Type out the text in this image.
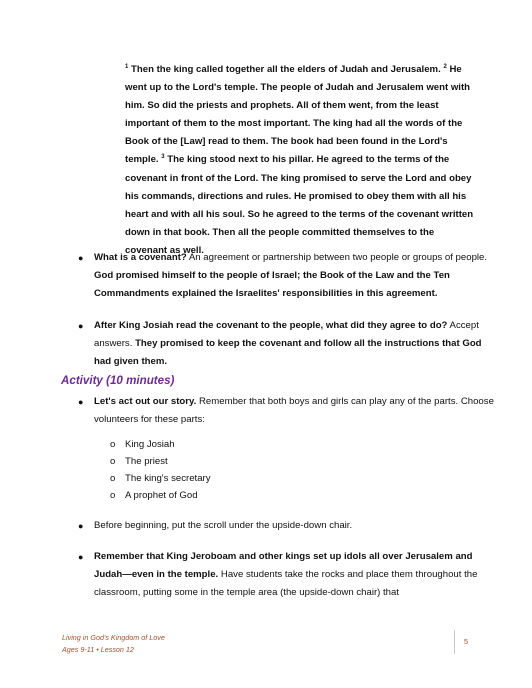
$^1$ Then the king called together all the elders of Judah and Jerusalem. $^2$ He went up to the Lord's temple. The people of Judah and Jerusalem went with him. So did the priests and prophets. All of them went, from the least important of them to the most important. The king had all the words of the Book of the [Law] read to them. The book had been found in the Lord's temple. $^3$ The king stood next to his pillar. He agreed to the terms of the covenant in front of the Lord. The king promised to serve the Lord and obey his commands, directions and rules. He promised to obey them with all his heart and with all his soul. So he agreed to the terms of the covenant written down in that book. Then all the people committed themselves to the covenant as well.
● What is a covenant? An agreement or partnership between two people or groups of people. God promised himself to the people of Israel; the Book of the Law and the Ten Commandments explained the Israelites' responsibilities in this agreement.
● After King Josiah read the covenant to the people, what did they agree to do? Accept answers. They promised to keep the covenant and follow all the instructions that God had given them.
Activity (10 minutes)
● Let's act out our story. Remember that both boys and girls can play any of the parts. Choose volunteers for these parts:
o King Josiah
o The priest
o The king's secretary
o A prophet of God
● Before beginning, put the scroll under the upside-down chair.
● Remember that King Jeroboam and other kings set up idols all over Jerusalem and Judah—even in the temple. Have students take the rocks and place them throughout the classroom, putting some in the temple area (the upside-down chair) that
Living in God's Kingdom of Love
Ages 9-11 • Lesson 12
5
